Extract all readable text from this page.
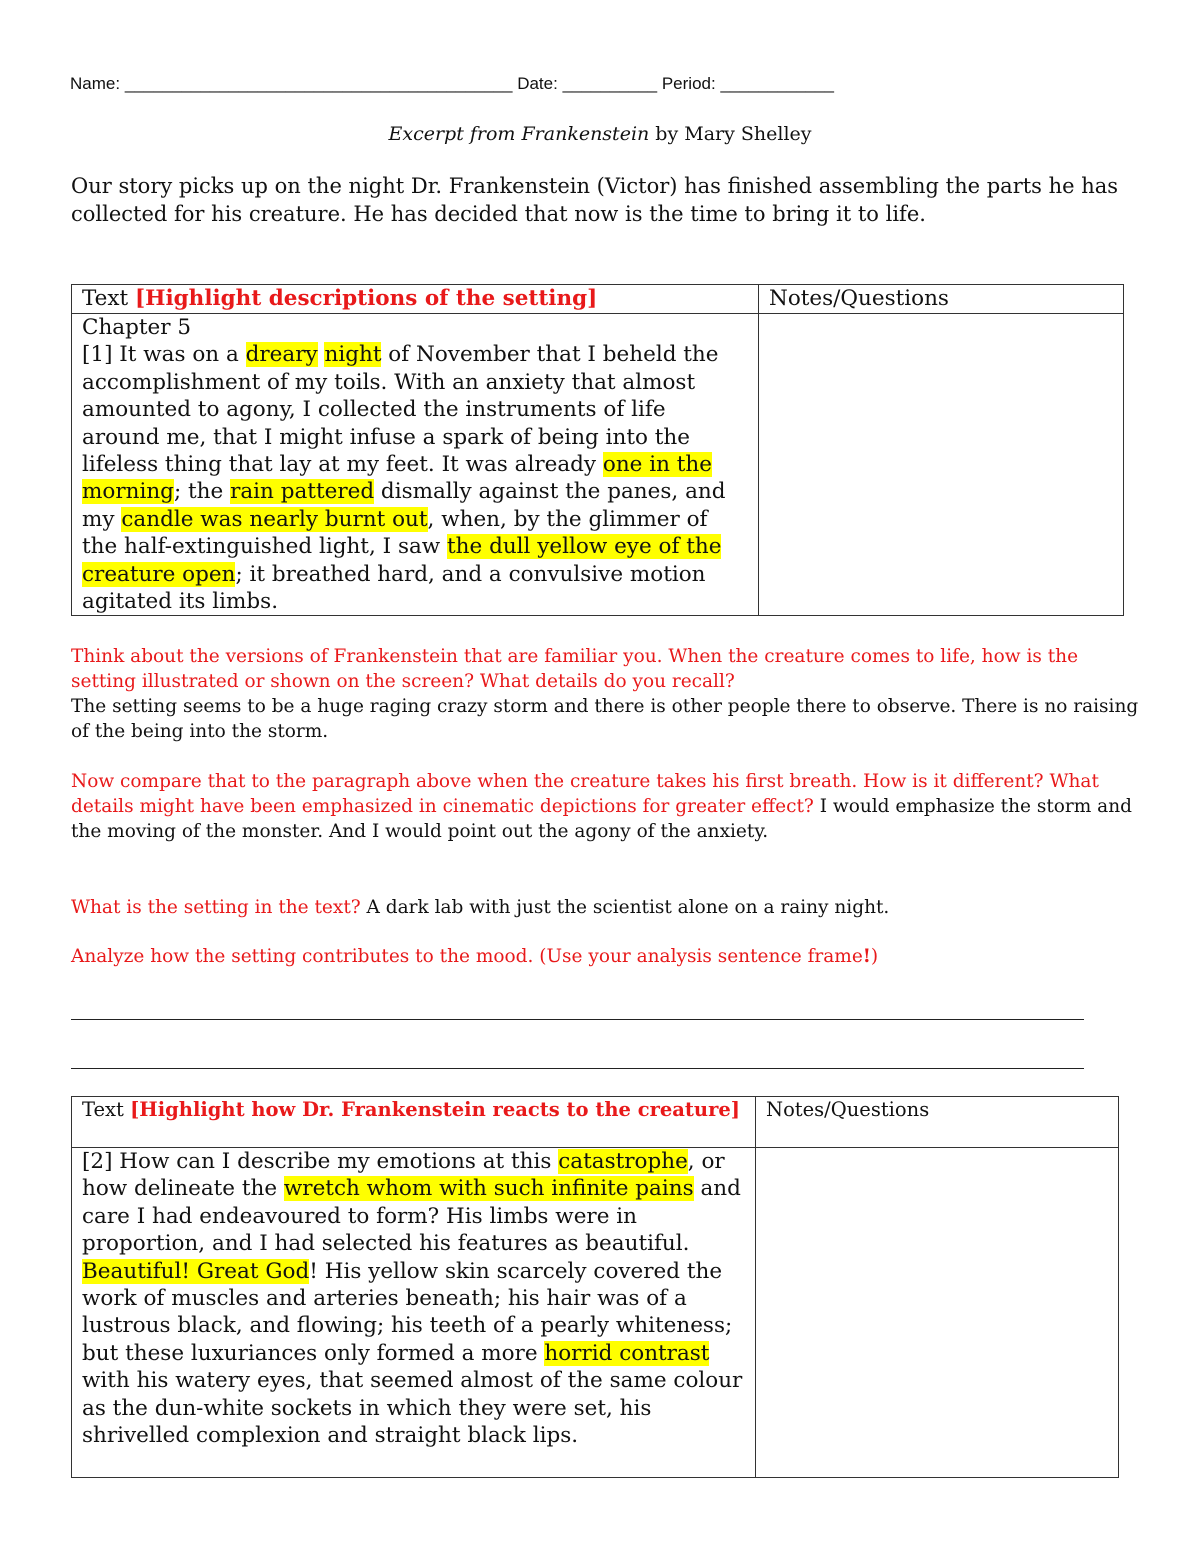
Name: _________________________________________ Date: __________ Period: ____________
Excerpt from Frankenstein by Mary Shelley
Our story picks up on the night Dr. Frankenstein (Victor) has finished assembling the parts he has collected for his creature. He has decided that now is the time to bring it to life.
Text [Highlight descriptions of the setting]	Notes/Questions

Chapter 5
[1] It was on a dreary night of November that I beheld the accomplishment of my toils. With an anxiety that almost amounted to agony, I collected the instruments of life around me, that I might infuse a spark of being into the lifeless thing that lay at my feet. It was already one in the morning; the rain pattered dismally against the panes, and my candle was nearly burnt out, when, by the glimmer of the half-extinguished light, I saw the dull yellow eye of the creature open; it breathed hard, and a convulsive motion agitated its limbs.	

Think about the versions of Frankenstein that are familiar you. When the creature comes to life, how is the setting illustrated or shown on the screen? What details do you recall?
The setting seems to be a huge raging crazy storm and there is other people there to observe. There is no raising of the being into the storm.
Now compare that to the paragraph above when the creature takes his first breath. How is it different? What details might have been emphasized in cinematic depictions for greater effect? I would emphasize the storm and the moving of the monster. And I would point out the agony of the anxiety.
What is the setting in the text? A dark lab with just the scientist alone on a rainy night.
Analyze how the setting contributes to the mood. (Use your analysis sentence frame!)
Text [Highlight how Dr. Frankenstein reacts to the creature]	Notes/Questions

[2] How can I describe my emotions at this catastrophe, or how delineate the wretch whom with such infinite pains and care I had endeavoured to form? His limbs were in proportion, and I had selected his features as beautiful. Beautiful! Great God! His yellow skin scarcely covered the work of muscles and arteries beneath; his hair was of a lustrous black, and flowing; his teeth of a pearly whiteness; but these luxuriances only formed a more horrid contrast with his watery eyes, that seemed almost of the same colour as the dun-white sockets in which they were set, his shrivelled complexion and straight black lips.	
